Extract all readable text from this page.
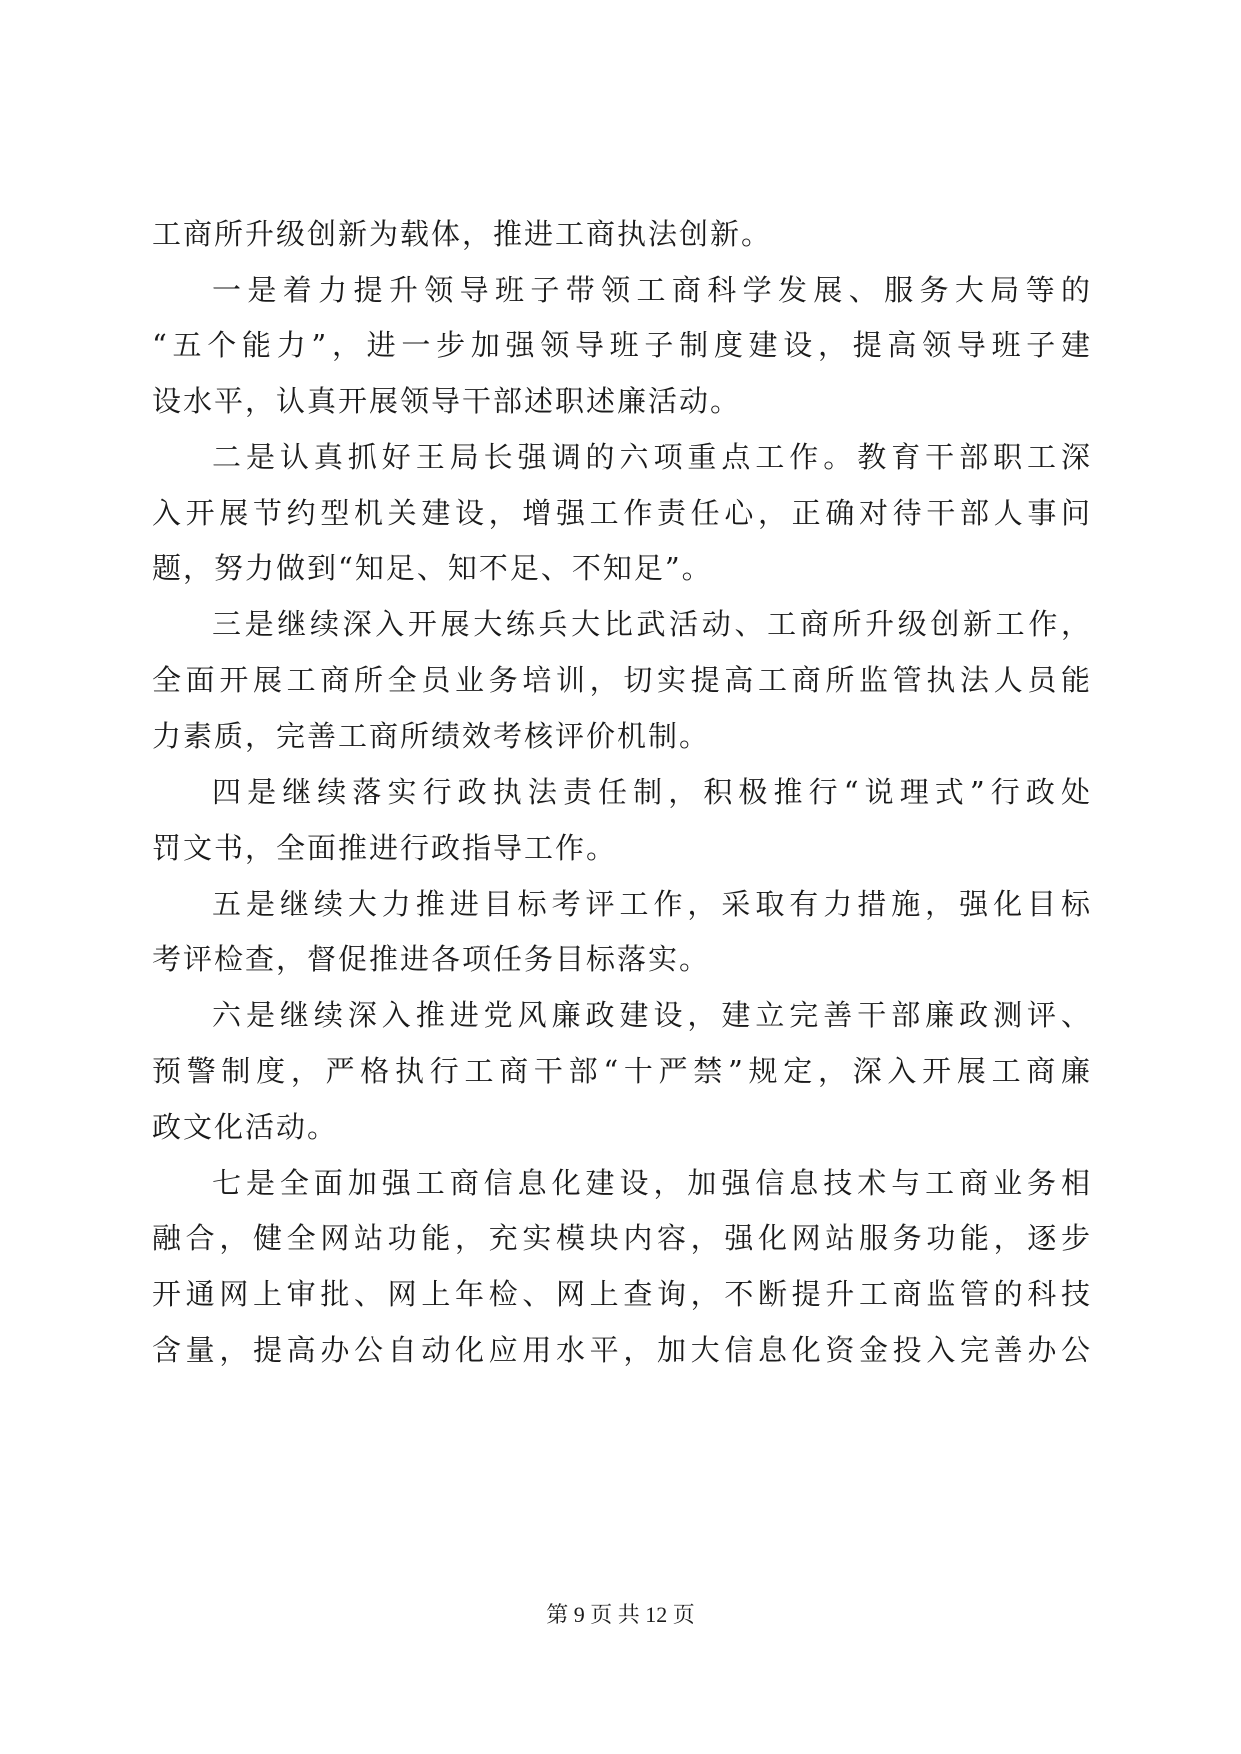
工商所升级创新为载体，推进工商执法创新。
一是着力提升领导班子带领工商科学发展、服务大局等的
“五个能力”，进一步加强领导班子制度建设，提高领导班子建
设水平，认真开展领导干部述职述廉活动。
二是认真抓好王局长强调的六项重点工作。教育干部职工深
入开展节约型机关建设，增强工作责任心，正确对待干部人事问
题，努力做到“知足、知不足、不知足”。
三是继续深入开展大练兵大比武活动、工商所升级创新工作，
全面开展工商所全员业务培训，切实提高工商所监管执法人员能
力素质，完善工商所绩效考核评价机制。
四是继续落实行政执法责任制，积极推行“说理式”行政处
罚文书，全面推进行政指导工作。
五是继续大力推进目标考评工作，采取有力措施，强化目标
考评检查，督促推进各项任务目标落实。
六是继续深入推进党风廉政建设，建立完善干部廉政测评、
预警制度，严格执行工商干部“十严禁”规定，深入开展工商廉
政文化活动。
七是全面加强工商信息化建设，加强信息技术与工商业务相
融合，健全网站功能，充实模块内容，强化网站服务功能，逐步
开通网上审批、网上年检、网上查询，不断提升工商监管的科技
含量，提高办公自动化应用水平，加大信息化资金投入完善办公
第 9 页 共 12 页
